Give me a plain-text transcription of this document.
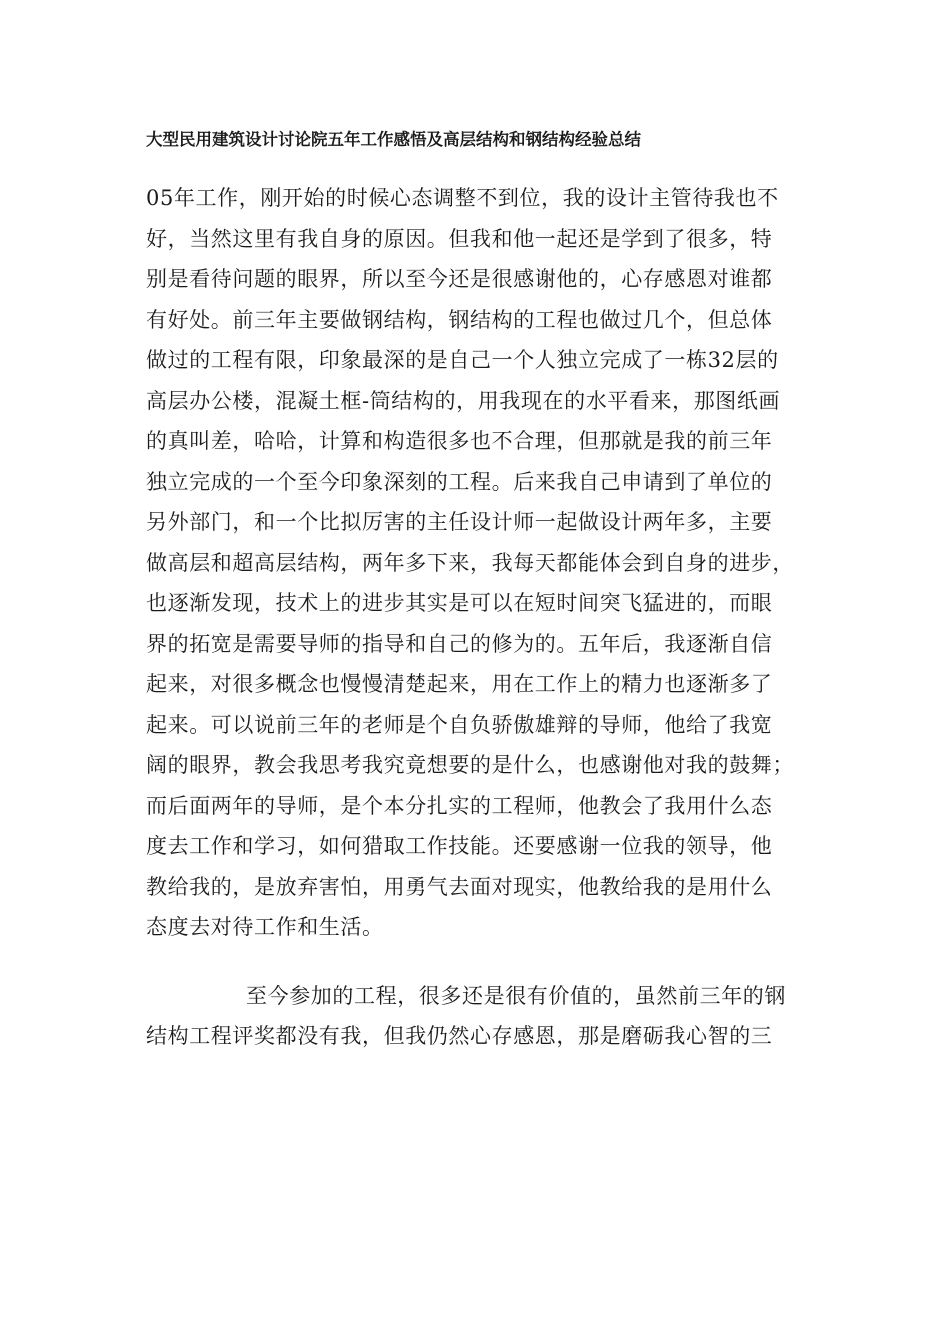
大型民用建筑设计讨论院五年工作感悟及高层结构和钢结构经验总结
05年工作，刚开始的时候心态调整不到位，我的设计主管待我也不
好，当然这里有我自身的原因。但我和他一起还是学到了很多，特
别是看待问题的眼界，所以至今还是很感谢他的，心存感恩对谁都
有好处。前三年主要做钢结构，钢结构的工程也做过几个，但总体
做过的工程有限，印象最深的是自己一个人独立完成了一栋32层的
高层办公楼，混凝土框-筒结构的，用我现在的水平看来，那图纸画
的真叫差，哈哈，计算和构造很多也不合理，但那就是我的前三年
独立完成的一个至今印象深刻的工程。后来我自己申请到了单位的
另外部门，和一个比拟厉害的主任设计师一起做设计两年多，主要
做高层和超高层结构，两年多下来，我每天都能体会到自身的进步，
也逐渐发现，技术上的进步其实是可以在短时间突飞猛进的，而眼
界的拓宽是需要导师的指导和自己的修为的。五年后，我逐渐自信
起来，对很多概念也慢慢清楚起来，用在工作上的精力也逐渐多了
起来。可以说前三年的老师是个自负骄傲雄辩的导师，他给了我宽
阔的眼界，教会我思考我究竟想要的是什么，也感谢他对我的鼓舞；
而后面两年的导师，是个本分扎实的工程师，他教会了我用什么态
度去工作和学习，如何猎取工作技能。还要感谢一位我的领导，他
教给我的，是放弃害怕，用勇气去面对现实，他教给我的是用什么
态度去对待工作和生活。
至今参加的工程，很多还是很有价值的，虽然前三年的钢
结构工程评奖都没有我，但我仍然心存感恩，那是磨砺我心智的三
